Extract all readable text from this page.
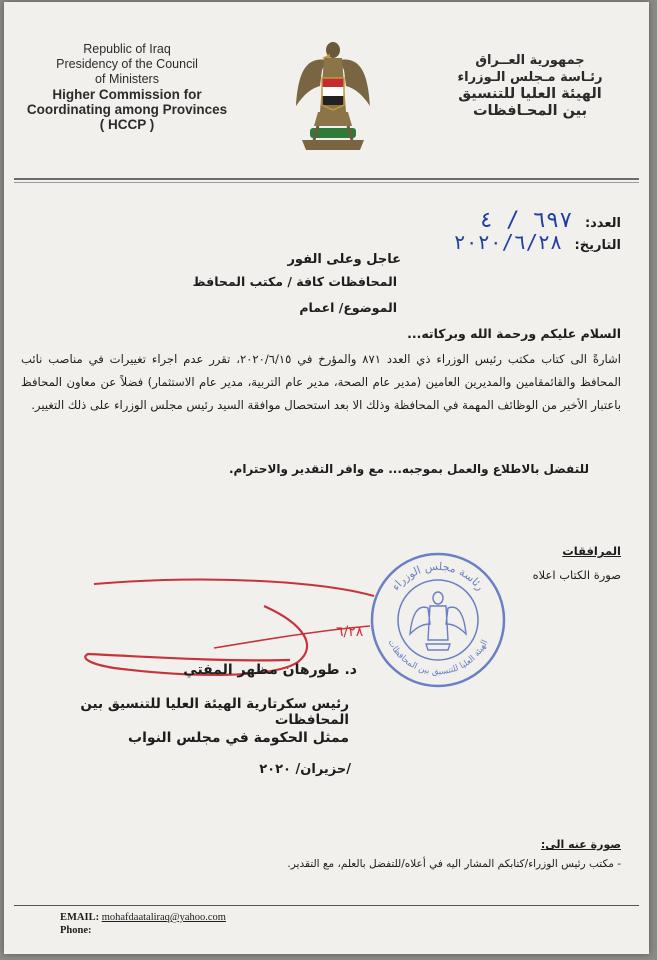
Republic of Iraq
Presidency of the Council
of Ministers
Higher Commission for
Coordinating among Provinces
( HCCP )
جمهورية العــراق
رئـاسة مـجلس الـوزراء
الهيئة العليا للتنسيق
بين المحـافظات
العدد: ٦٩٧ / ٤
التاريخ: ٢٠٢٠/٦/٢٨
عاجل وعلى الفور
المحافظات كافة / مكتب المحافظ
الموضوع/ اعمام
السلام عليكم ورحمة الله وبركاته...
اشارةً الى كتاب مكتب رئيس الوزراء ذي العدد ٨٧١ والمؤرخ في ٢٠٢٠/٦/١٥، تقرر عدم اجراء تغييرات في مناصب نائب المحافظ والقائمقامين والمديرين العامين (مدير عام الصحة، مدير عام التربية، مدير عام الاستثمار) فضلاً عن معاون المحافظ باعتبار الأخير من الوظائف المهمة في المحافظة وذلك الا بعد استحصال موافقة السيد رئيس مجلس الوزراء على ذلك التغيير.
للتفضل بالاطلاع والعمل بموجبه... مع وافر التقدير والاحترام.
المرافقات
صورة الكتاب اعلاه
رئاسة مجلس الوزراء
الهيئة العليا للتنسيق بين المحافظات
٦/٢٨
د. طورهان مظهر المفتي
رئيس سكرتارية الهيئة العليا للتنسيق بين المحافظات
ممثل الحكومة في مجلس النواب
/حزيران/ ٢٠٢٠
صورة عنه الى:
- مكتب رئيس الوزراء/كتابكم المشار اليه في أعلاه/للتفضل بالعلم، مع التقدير.
EMAIL: mohafdaataliraq@yahoo.com
Phone:
